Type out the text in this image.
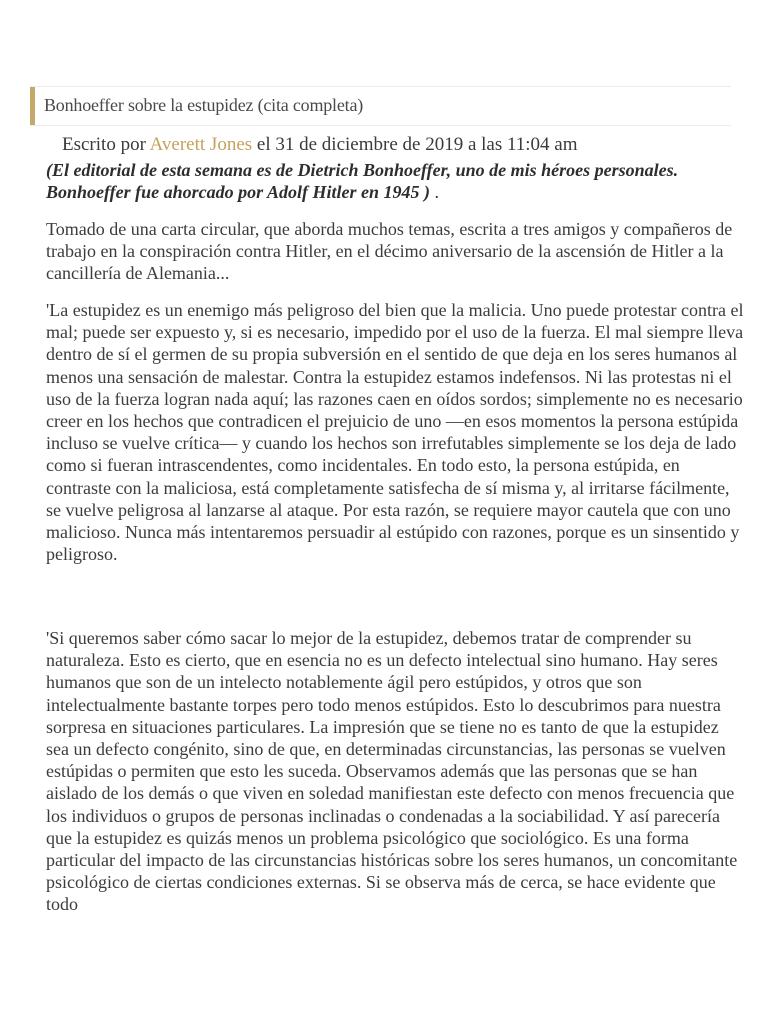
Bonhoeffer sobre la estupidez (cita completa)
Escrito por Averett Jones el 31 de diciembre de 2019 a las 11:04 am
(El editorial de esta semana es de Dietrich Bonhoeffer, uno de mis héroes personales. Bonhoeffer fue ahorcado por Adolf Hitler en 1945 ) .

Tomado de una carta circular, que aborda muchos temas, escrita a tres amigos y compañeros de trabajo en la conspiración contra Hitler, en el décimo aniversario de la ascensión de Hitler a la cancillería de Alemania...

'La estupidez es un enemigo más peligroso del bien que la malicia. Uno puede protestar contra el mal; puede ser expuesto y, si es necesario, impedido por el uso de la fuerza. El mal siempre lleva dentro de sí el germen de su propia subversión en el sentido de que deja en los seres humanos al menos una sensación de malestar. Contra la estupidez estamos indefensos. Ni las protestas ni el uso de la fuerza logran nada aquí; las razones caen en oídos sordos; simplemente no es necesario creer en los hechos que contradicen el prejuicio de uno —en esos momentos la persona estúpida incluso se vuelve crítica— y cuando los hechos son irrefutables simplemente se los deja de lado como si fueran intrascendentes, como incidentales. En todo esto, la persona estúpida, en contraste con la maliciosa, está completamente satisfecha de sí misma y, al irritarse fácilmente, se vuelve peligrosa al lanzarse al ataque. Por esta razón, se requiere mayor cautela que con uno malicioso. Nunca más intentaremos persuadir al estúpido con razones, porque es un sinsentido y peligroso.

'Si queremos saber cómo sacar lo mejor de la estupidez, debemos tratar de comprender su naturaleza. Esto es cierto, que en esencia no es un defecto intelectual sino humano. Hay seres humanos que son de un intelecto notablemente ágil pero estúpidos, y otros que son intelectualmente bastante torpes pero todo menos estúpidos. Esto lo descubrimos para nuestra sorpresa en situaciones particulares. La impresión que se tiene no es tanto de que la estupidez sea un defecto congénito, sino de que, en determinadas circunstancias, las personas se vuelven estúpidas o permiten que esto les suceda. Observamos además que las personas que se han aislado de los demás o que viven en soledad manifiestan este defecto con menos frecuencia que los individuos o grupos de personas inclinadas o condenadas a la sociabilidad. Y así parecería que la estupidez es quizás menos un problema psicológico que sociológico. Es una forma particular del impacto de las circunstancias históricas sobre los seres humanos, un concomitante psicológico de ciertas condiciones externas. Si se observa más de cerca, se hace evidente que todo
